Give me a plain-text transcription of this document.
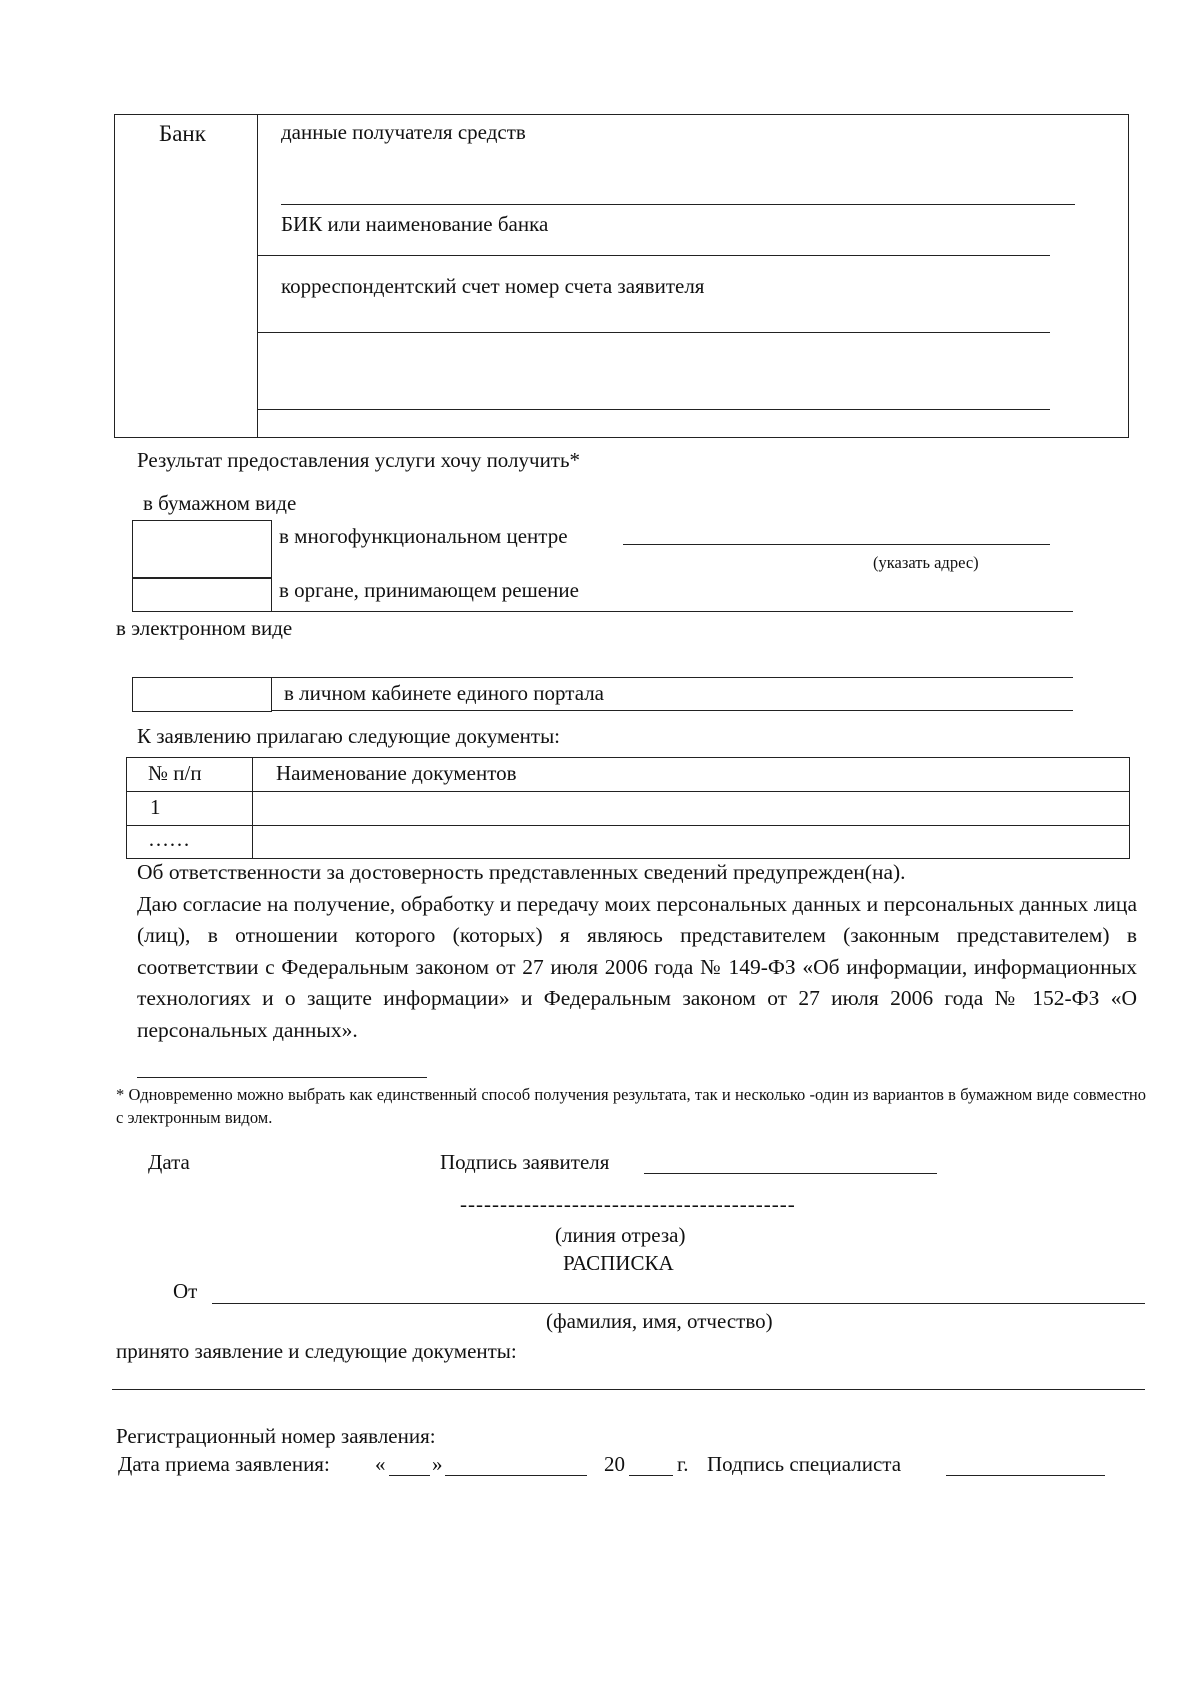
Банк	данные получателя средств
БИК или наименование банка
корреспондентский счет номер счета заявителя
Результат предоставления услуги хочу получить*
в бумажном виде
в многофункциональном центре
(указать адрес)
в органе, принимающем решение
в электронном виде
в личном кабинете единого портала
К заявлению прилагаю следующие документы:
№ п/п	Наименование документов
1
……

Об ответственности за достоверность представленных сведений предупрежден(на).

Даю согласие на получение, обработку и передачу моих персональных данных и персональных данных лица (лиц), в отношении которого (которых) я являюсь представителем (законным представителем) в соответствии с Федеральным законом от 27 июля 2006 года № 149-ФЗ «Об информации, информационных технологиях и о защите информации» и Федеральным законом от 27 июля 2006 года № 152-ФЗ «О персональных данных».

* Одновременно можно выбрать как единственный способ получения результата, так и несколько -один из вариантов в бумажном виде совместно с электронным видом.
Дата	Подпись заявителя
------------------------------------------
(линия отреза)
РАСПИСКА
От
(фамилия, имя, отчество)
принято заявление и следующие документы:
Регистрационный номер заявления:
Дата приема заявления: « »	20 г. Подпись специалиста
